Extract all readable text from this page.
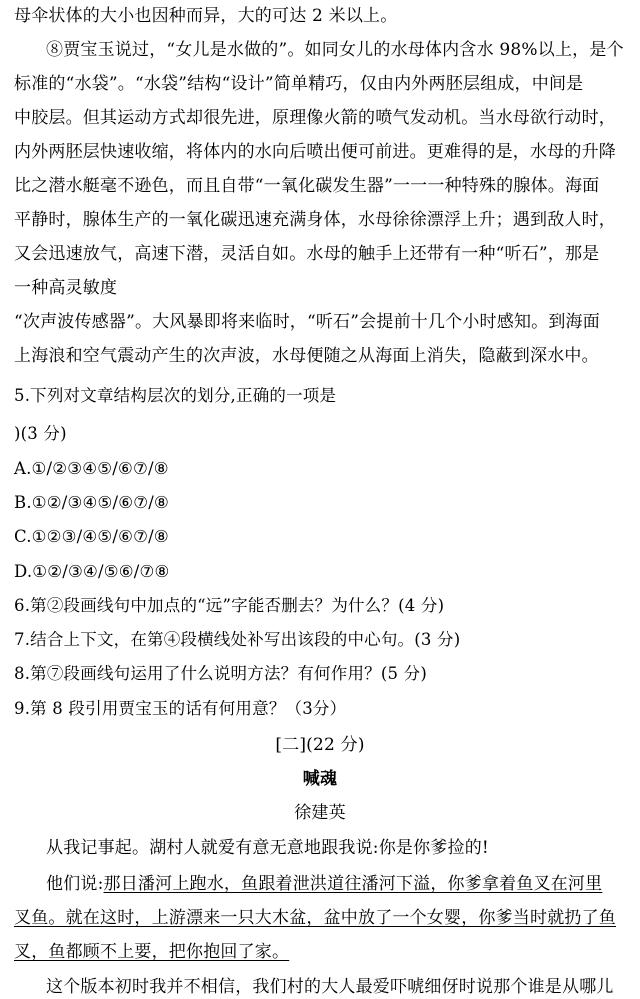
母伞状体的大小也因种而异，大的可达 2 米以上。
⑧贾宝玉说过，“女儿是水做的”。如同女儿的水母体内含水 98%以上，是个
标准的“水袋”。“水袋”结构“设计”简单精巧，仅由内外两胚层组成，中间是
中胶层。但其运动方式却很先进，原理像火箭的喷气发动机。当水母欲行动时，
内外两胚层快速收缩，将体内的水向后喷出便可前进。更难得的是，水母的升降
比之潜水艇毫不逊色，而且自带“一氧化碳发生器”一一一种特殊的腺体。海面
平静时，腺体生产的一氧化碳迅速充满身体，水母徐徐漂浮上升；遇到敌人时，
又会迅速放气，高速下潜，灵活自如。水母的触手上还带有一种“听石”，那是
一种高灵敏度
“次声波传感器”。大风暴即将来临时，“听石”会提前十几个小时感知。到海面
上海浪和空气震动产生的次声波，水母便随之从海面上消失，隐蔽到深水中。
5.下列对文章结构层次的划分,正确的一项是
)(3 分)
A.①/②③④⑤/⑥⑦/⑧
B.①②/③④⑤/⑥⑦/⑧
C.①②③/④⑤/⑥⑦/⑧
D.①②/③④/⑤⑥/⑦⑧
6.第②段画线句中加点的“远”字能否删去？为什么？(4 分)
7.结合上下文，在第④段横线处补写出该段的中心句。(3 分)
8.第⑦段画线句运用了什么说明方法？有何作用？(5 分)
9.第 8 段引用贾宝玉的话有何用意？（3分）
[二](22 分)
喊魂
徐建英
从我记事起。湖村人就爱有意无意地跟我说:你是你爹捡的!
他们说:那日潘河上跑水，鱼跟着泄洪道往潘河下溢，你爹拿着鱼叉在河里
叉鱼。就在这时，上游漂来一只大木盆，盆中放了一个女婴，你爹当时就扔了鱼
叉，鱼都顾不上要，把你抱回了家。
这个版本初时我并不相信，我们村的大人最爱吓唬细伢时说那个谁是从哪儿
